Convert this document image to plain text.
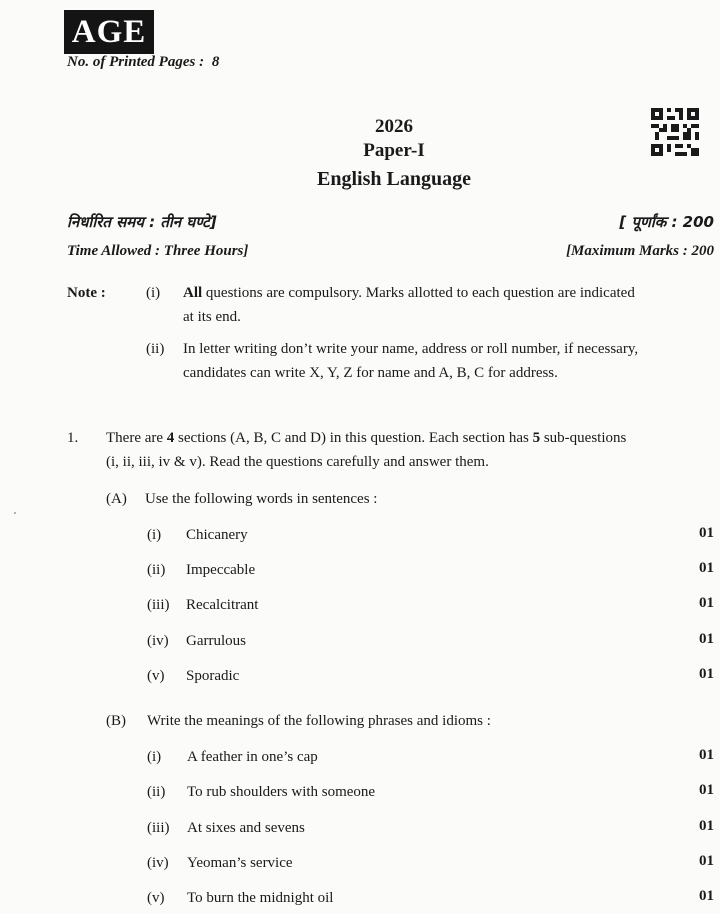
AGE
No. of Printed Pages : 8
2026
Paper-I
English Language
निर्धारित समय : तीन घण्टे]	[ पूर्णांक : 200
Time Allowed : Three Hours]	[Maximum Marks : 200
Note :	(i) All questions are compulsory. Marks allotted to each question are indicated
at its end.
(ii) In letter writing don’t write your name, address or roll number, if necessary,
candidates can write X, Y, Z for name and A, B, C for address.
1. There are 4 sections (A, B, C and D) in this question. Each section has 5 sub-questions
(i, ii, iii, iv & v). Read the questions carefully and answer them.
(A) Use the following words in sentences :
(i) Chicanery	01
(ii) Impeccable	01
(iii) Recalcitrant	01
(iv) Garrulous	01
(v) Sporadic	01
(B) Write the meanings of the following phrases and idioms :
(i) A feather in one’s cap	01
(ii) To rub shoulders with someone	01
(iii) At sixes and sevens	01
(iv) Yeoman’s service	01
(v) To burn the midnight oil	01
